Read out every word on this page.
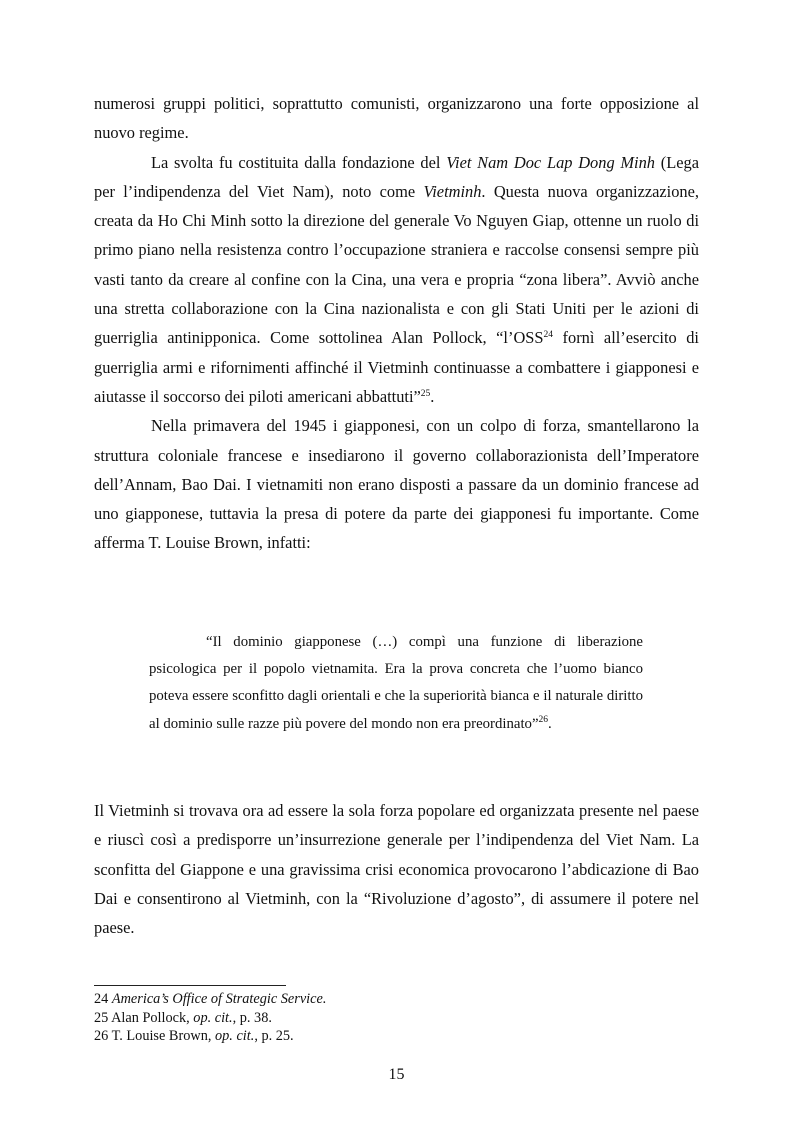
numerosi gruppi politici, soprattutto comunisti, organizzarono una forte opposizione al nuovo regime.

La svolta fu costituita dalla fondazione del Viet Nam Doc Lap Dong Minh (Lega per l’indipendenza del Viet Nam), noto come Vietminh. Questa nuova organizzazione, creata da Ho Chi Minh sotto la direzione del generale Vo Nguyen Giap, ottenne un ruolo di primo piano nella resistenza contro l’occupazione straniera e raccolse consensi sempre più vasti tanto da creare al confine con la Cina, una vera e propria “zona libera”. Avviò anche una stretta collaborazione con la Cina nazionalista e con gli Stati Uniti per le azioni di guerriglia antinipponica. Come sottolinea Alan Pollock, “l’OSS$^{24}$ fornì all’esercito di guerriglia armi e rifornimenti affinché il Vietminh continuasse a combattere i giapponesi e aiutasse il soccorso dei piloti americani abbattuti”$^{25}$.

Nella primavera del 1945 i giapponesi, con un colpo di forza, smantellarono la struttura coloniale francese e insediarono il governo collaborazionista dell’Imperatore dell’Annam, Bao Dai. I vietnamiti non erano disposti a passare da un dominio francese ad uno giapponese, tuttavia la presa di potere da parte dei giapponesi fu importante. Come afferma T. Louise Brown, infatti:

“Il dominio giapponese (…) compì una funzione di liberazione psicologica per il popolo vietnamita. Era la prova concreta che l’uomo bianco poteva essere sconfitto dagli orientali e che la superiorità bianca e il naturale diritto al dominio sulle razze più povere del mondo non era preordinato”$^{26}$.

Il Vietminh si trovava ora ad essere la sola forza popolare ed organizzata presente nel paese e riuscì così a predisporre un’insurrezione generale per l’indipendenza del Viet Nam. La sconfitta del Giappone e una gravissima crisi economica provocarono l’abdicazione di Bao Dai e consentirono al Vietminh, con la “Rivoluzione d’agosto”, di assumere il potere nel paese.

24 America’s Office of Strategic Service.

25 Alan Pollock, op. cit., p. 38.

26 T. Louise Brown, op. cit., p. 25.

15
